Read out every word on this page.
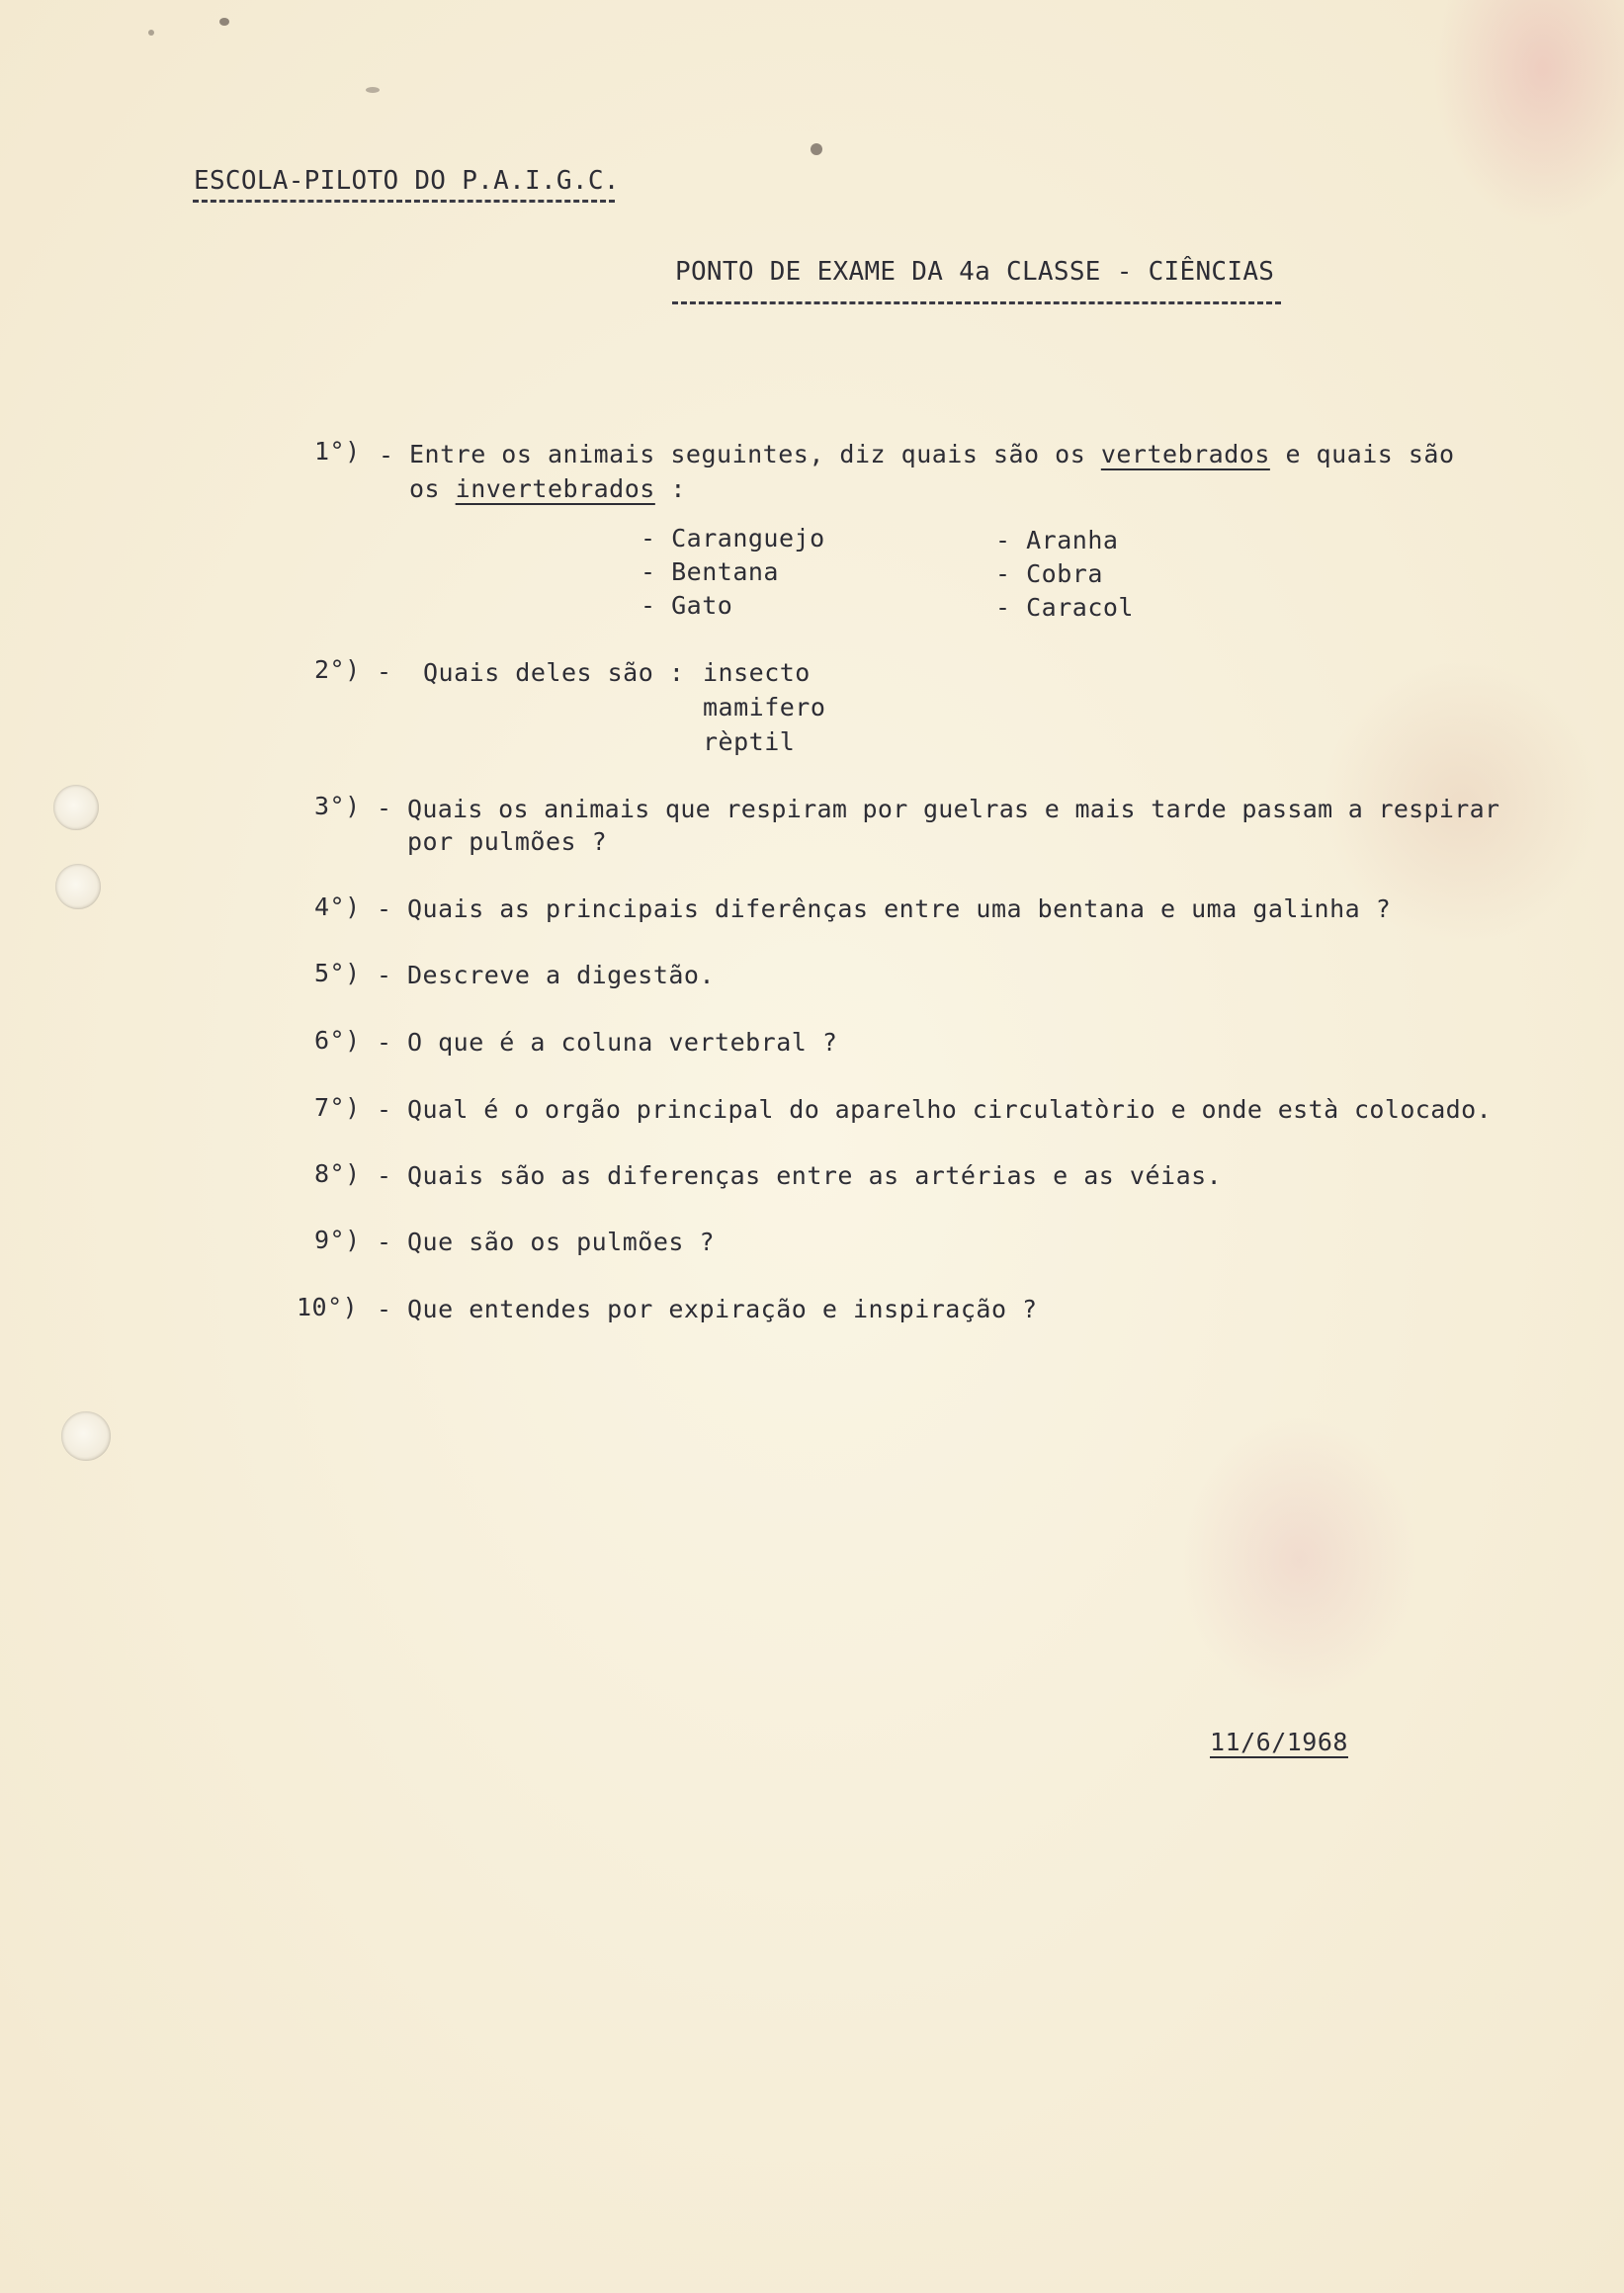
ESCOLA-PILOTO DO P.A.I.G.C.
PONTO DE EXAME DA 4a CLASSE - CIÊNCIAS
1°) - Entre os animais seguintes, diz quais são os vertebrados e quais são
os invertebrados :
- Caranguejo
- Bentana
- Gato
- Aranha
- Cobra
- Caracol
2°) - Quais deles são : insecto
mamifero
rèptil
3°) - Quais os animais que respiram por guelras e mais tarde passam a respirar
por pulmões ?
4°) - Quais as principais diferênças entre uma bentana e uma galinha ?
5°) - Descreve a digestão.
6°) - O que é a coluna vertebral ?
7°) - Qual é o orgão principal do aparelho circulatòrio e onde està colocado.
8°) - Quais são as diferenças entre as artérias e as véias.
9°) - Que são os pulmões ?
10°) - Que entendes por expiração e inspiração ?
11/6/1968
